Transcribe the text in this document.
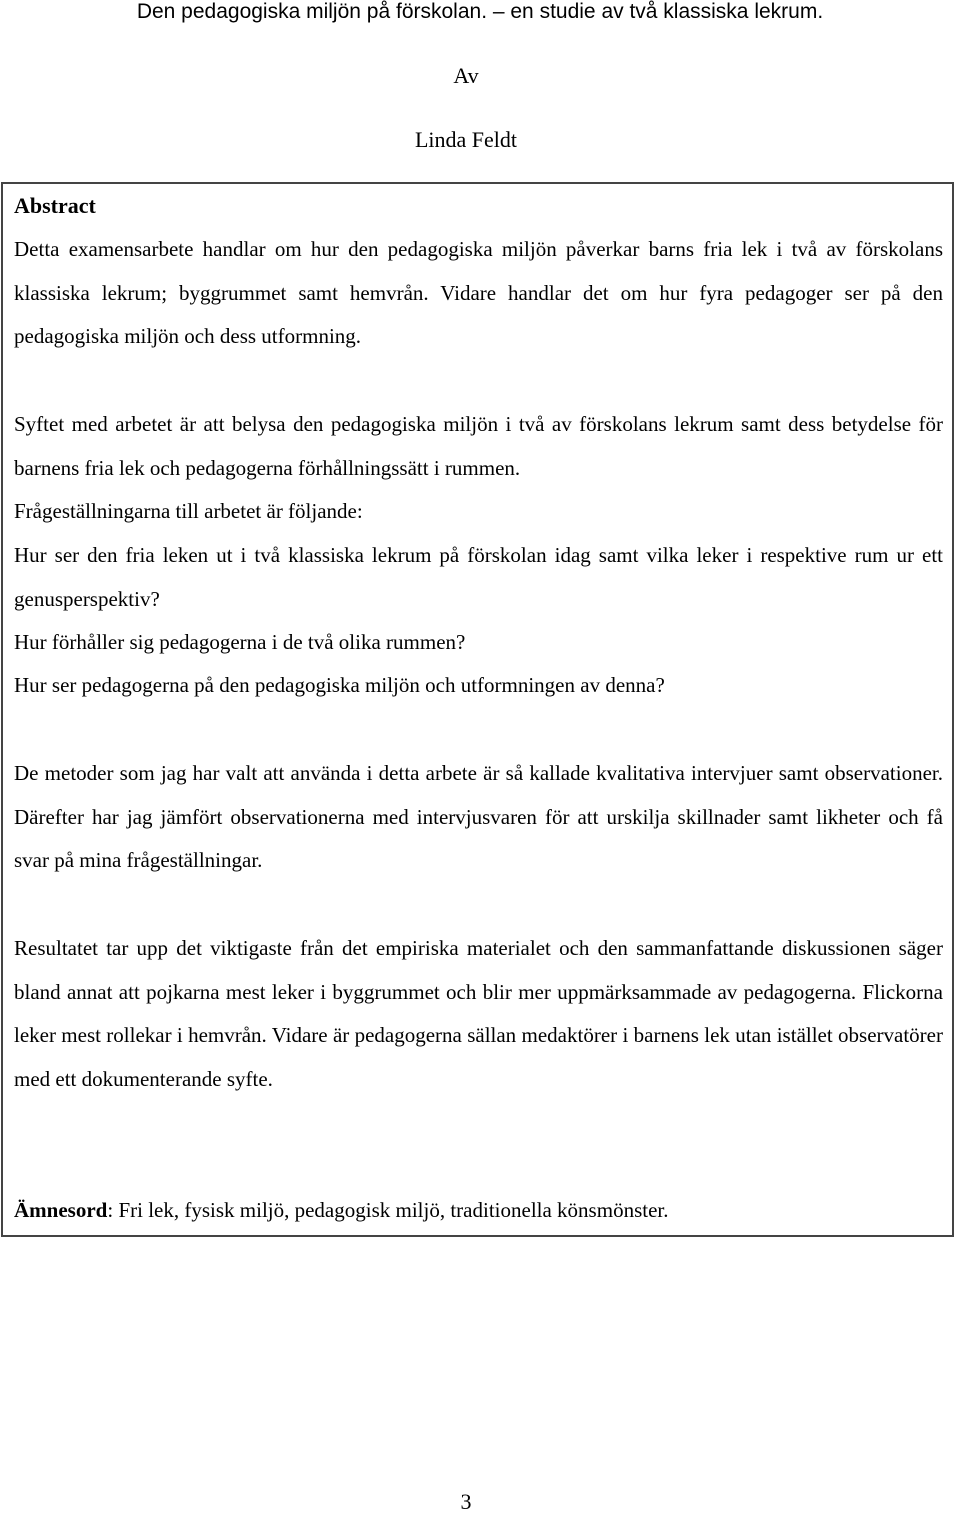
Den pedagogiska miljön på förskolan. – en studie av två klassiska lekrum.
Av
Linda Feldt
Abstract

Detta examensarbete handlar om hur den pedagogiska miljön påverkar barns fria lek i två av förskolans klassiska lekrum; byggrummet samt hemvrån. Vidare handlar det om hur fyra pedagoger ser på den pedagogiska miljön och dess utformning.

Syftet med arbetet är att belysa den pedagogiska miljön i två av förskolans lekrum samt dess betydelse för barnens fria lek och pedagogerna förhållningssätt i rummen.

Frågeställningarna till arbetet är följande:

Hur ser den fria leken ut i två klassiska lekrum på förskolan idag samt vilka leker i respektive rum ur ett genusperspektiv?

Hur förhåller sig pedagogerna i de två olika rummen?

Hur ser pedagogerna på den pedagogiska miljön och utformningen av denna?

De metoder som jag har valt att använda i detta arbete är så kallade kvalitativa intervjuer samt observationer. Därefter har jag jämfört observationerna med intervjusvaren för att urskilja skillnader samt likheter och få svar på mina frågeställningar.

Resultatet tar upp det viktigaste från det empiriska materialet och den sammanfattande diskussionen säger bland annat att pojkarna mest leker i byggrummet och blir mer uppmärksammade av pedagogerna. Flickorna leker mest rollekar i hemvrån. Vidare är pedagogerna sällan medaktörer i barnens lek utan istället observatörer med ett dokumenterande syfte.

Ämnesord: Fri lek, fysisk miljö, pedagogisk miljö, traditionella könsmönster.
3
